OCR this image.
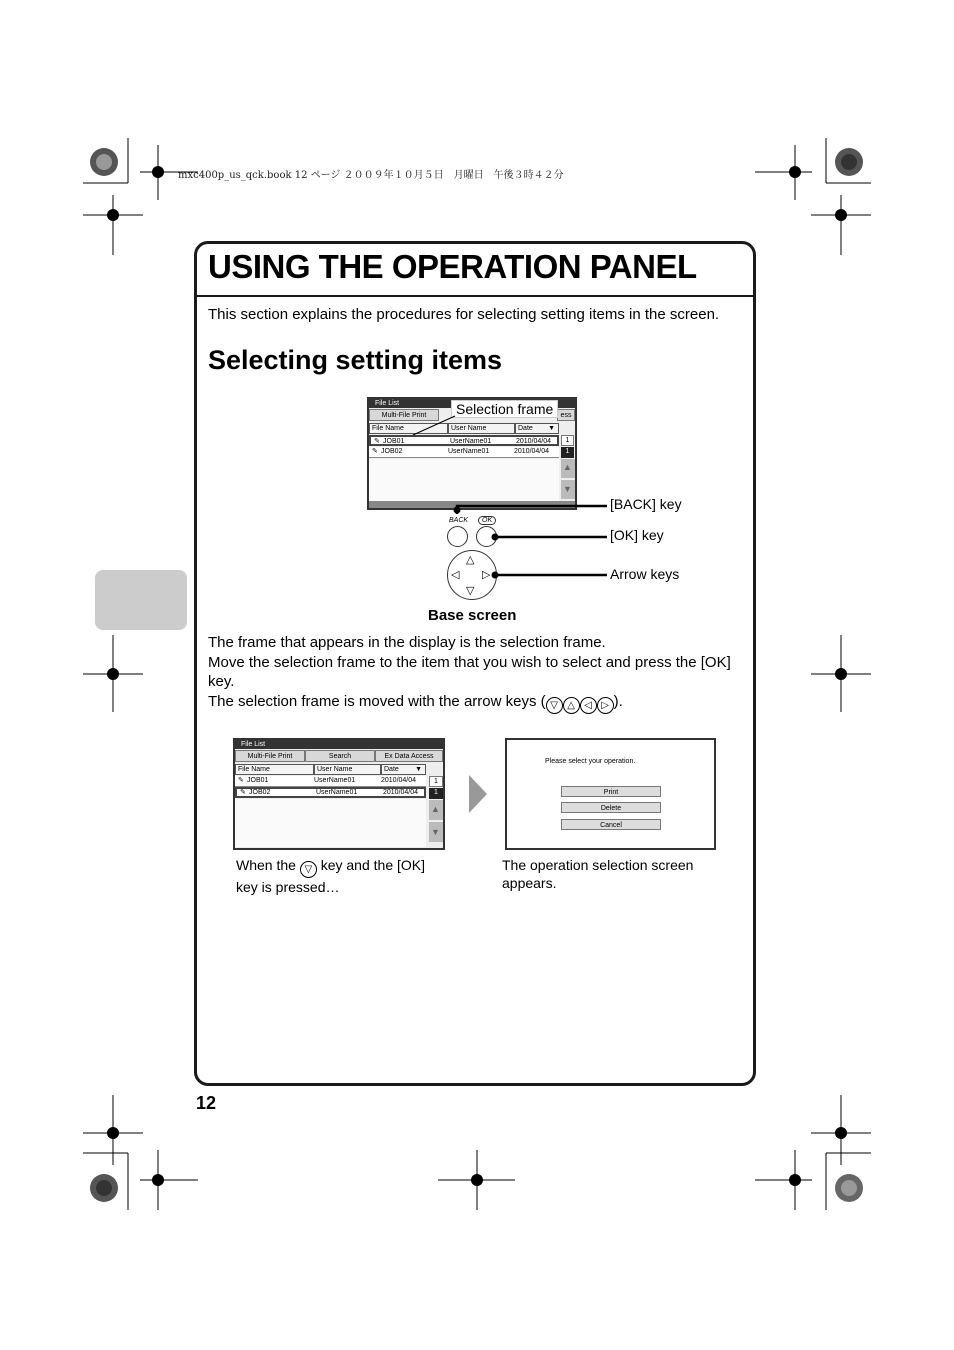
mxc400p_us_qck.book 12 ページ ２００９年１０月５日　月曜日　午後３時４２分
USING THE OPERATION PANEL
This section explains the procedures for selecting setting items in the screen.
Selecting setting items
File List
Multi-File Print	ess
File Name	User Name	Date ▼
✎ JOB01	UserName01	2010/04/04
✎ JOB02	UserName01	2010/04/04
1
1
▲
▼
Selection frame
BACK	OK
△
▽
◁ ▷
[BACK] key
[OK] key
Arrow keys
Base screen
The frame that appears in the display is the selection frame.
Move the selection frame to the item that you wish to select and press the [OK] key.
The selection frame is moved with the arrow keys ( ▽ △ ◁ ▷ ).
File List
Multi-File Print	Search	Ex Data Access
File Name	User Name	Date ▼
✎ JOB01	UserName01	2010/04/04
✎ JOB02	UserName01	2010/04/04
1
1
▲
▼
Please select your operation.
Print
Delete
Cancel
When the ▽ key and the [OK] key is pressed…
The operation selection screen appears.
12
